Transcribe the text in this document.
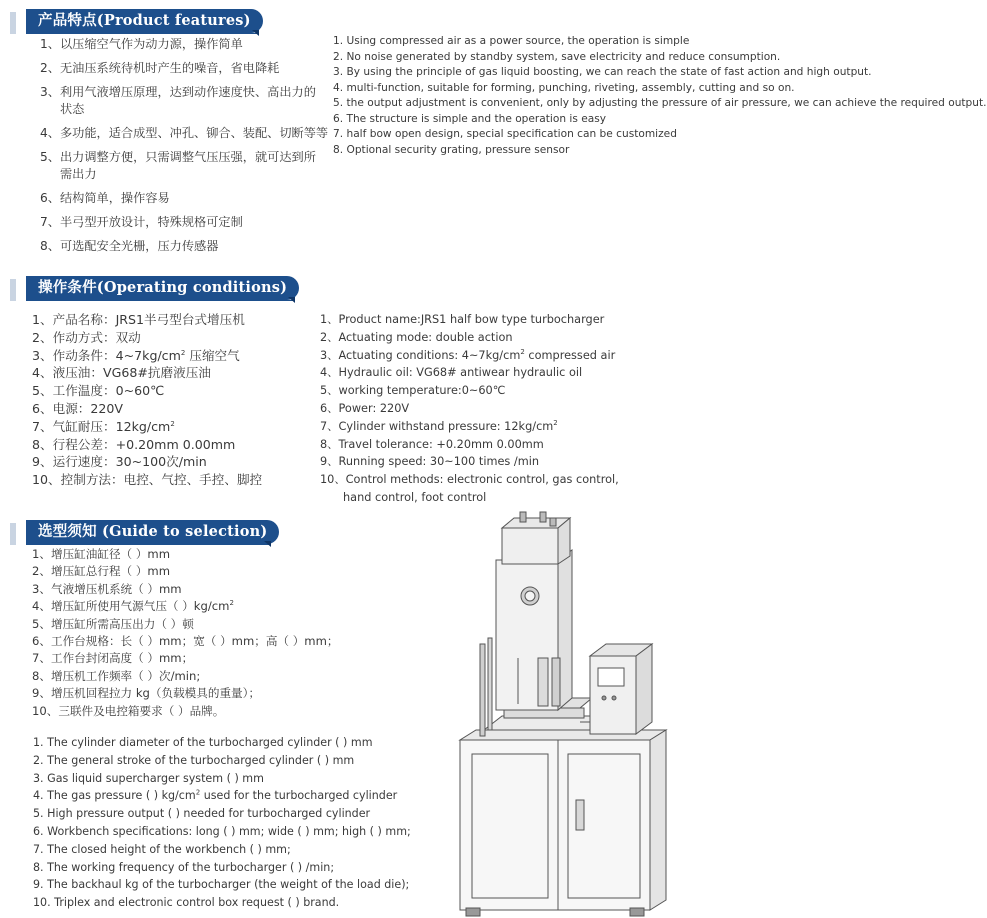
产品特点(Product features)
1、以压缩空气作为动力源，操作简单
2、无油压系统待机时产生的噪音，省电降耗
3、利用气液增压原理，达到动作速度快、高出力的状态
4、多功能，适合成型、冲孔、铆合、装配、切断等等
5、出力调整方便，只需调整气压压强，就可达到所需出力
6、结构简单，操作容易
7、半弓型开放设计，特殊规格可定制
8、可选配安全光栅，压力传感器
1. Using compressed air as a power source, the operation is simple
2. No noise generated by standby system, save electricity and reduce consumption.
3. By using the principle of gas liquid boosting, we can reach the state of fast action and high output.
4. multi-function, suitable for forming, punching, riveting, assembly, cutting and so on.
5. the output adjustment is convenient, only by adjusting the pressure of air pressure, we can achieve the required output.
6. The structure is simple and the operation is easy
7. half bow open design, special specification can be customized
8. Optional security grating, pressure sensor
操作条件(Operating conditions)
1、产品名称：JRS1半弓型台式增压机
2、作动方式：双动
3、作动条件：$4\sim 7kg/cm^2$ 压缩空气
4、液压油：VG68#抗磨液压油
5、工作温度：0~60℃
6、电源：220V
7、气缸耐压：$12kg/cm^2$
8、行程公差：+0.20mm 0.00mm
9、运行速度：30~100次/min
10、控制方法：电控、气控、手控、脚控
1、Product name:JRS1 half bow type turbocharger
2、Actuating mode: double action
3、Actuating conditions: $4\sim 7kg/cm^2$ compressed air
4、Hydraulic oil: VG68# antiwear hydraulic oil
5、working temperature:0~60℃
6、Power: 220V
7、Cylinder withstand pressure: $12kg/cm^2$
8、Travel tolerance: +0.20mm 0.00mm
9、Running speed: 30~100 times /min
10、Control methods: electronic control, gas control,
hand control, foot control
选型须知 (Guide to selection)
1、增压缸油缸径（ ）mm
2、增压缸总行程（ ）mm
3、气液增压机系统（ ）mm
4、增压缸所使用气源气压（ ）$kg/cm^2$
5、增压缸所需高压出力（ ）顿
6、工作台规格：长（ ）mm；宽（ ）mm；高（ ）mm；
7、工作台封闭高度（ ）mm；
8、增压机工作频率（ ）次/min;
9、增压机回程拉力 kg（负载模具的重量）；
10、三联件及电控箱要求（ ）品牌。
1. The cylinder diameter of the turbocharged cylinder ( ) mm
2. The general stroke of the turbocharged cylinder ( ) mm
3. Gas liquid supercharger system ( ) mm
4. The gas pressure ( ) $kg/cm^2$ used for the turbocharged cylinder
5. High pressure output ( ) needed for turbocharged cylinder
6. Workbench specifications: long ( ) mm; wide ( ) mm; high ( ) mm;
7. The closed height of the workbench ( ) mm;
8. The working frequency of the turbocharger ( ) /min;
9. The backhaul kg of the turbocharger (the weight of the load die);
10. Triplex and electronic control box request ( ) brand.
